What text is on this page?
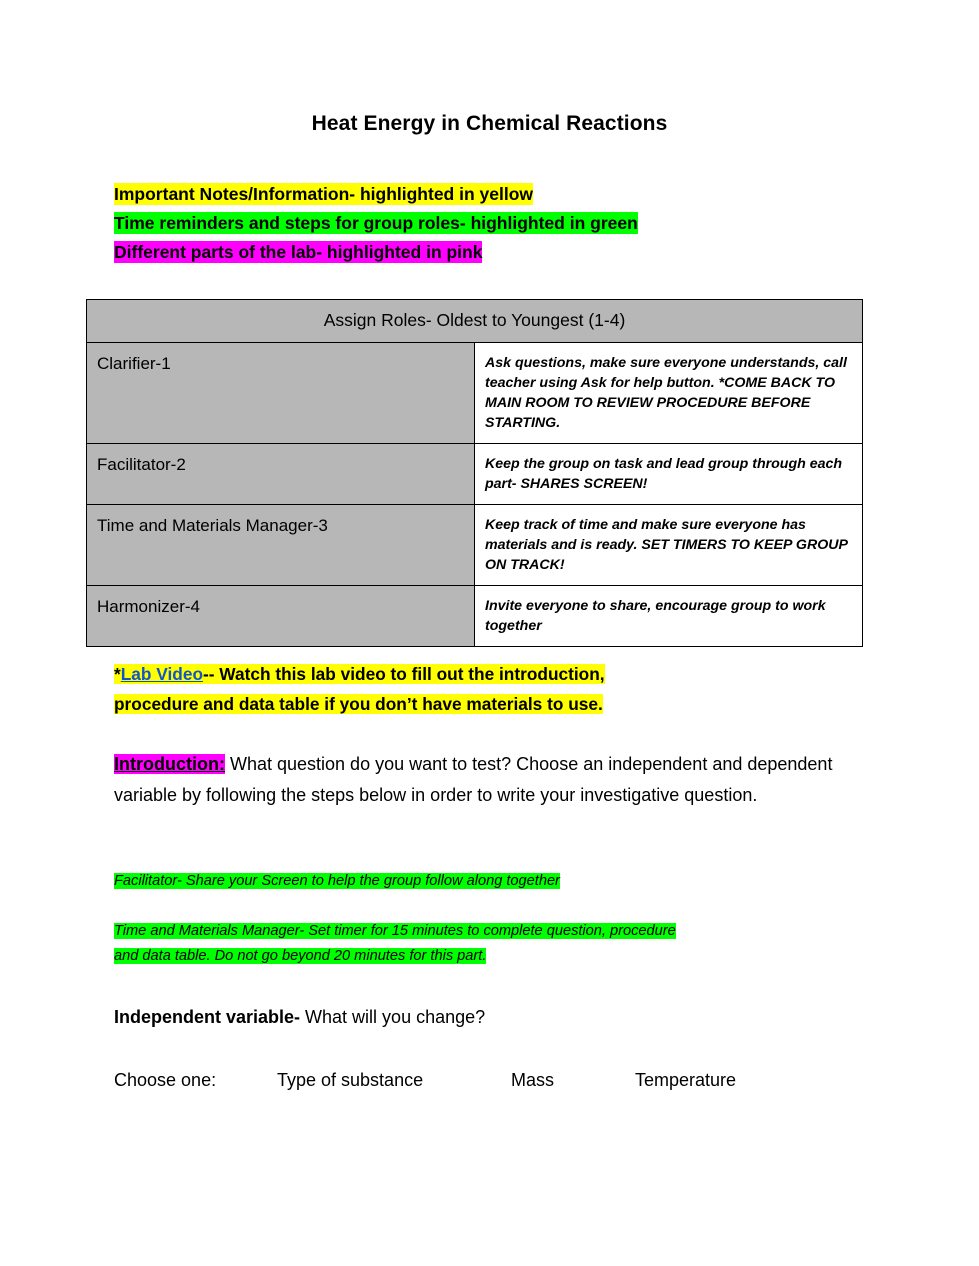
Heat Energy in Chemical Reactions
Important Notes/Information- highlighted in yellow
Time reminders and steps for group roles- highlighted in green
Different parts of the lab- highlighted in pink
Assign Roles- Oldest to Youngest (1-4)	
Clarifier-1	Ask questions, make sure everyone understands, call teacher using Ask for help button. *COME BACK TO MAIN ROOM TO REVIEW PROCEDURE BEFORE STARTING.
Facilitator-2	Keep the group on task and lead group through each part- SHARES SCREEN!
Time and Materials Manager-3	Keep track of time and make sure everyone has materials and is ready. SET TIMERS TO KEEP GROUP ON TRACK!
Harmonizer-4	Invite everyone to share, encourage group to work together
*Lab Video-- Watch this lab video to fill out the introduction,
procedure and data table if you don’t have materials to use.
Introduction: What question do you want to test? Choose an independent and dependent variable by following the steps below in order to write your investigative question.
Facilitator- Share your Screen to help the group follow along together
Time and Materials Manager- Set timer for 15 minutes to complete question, procedure
and data table. Do not go beyond 20 minutes for this part.
Independent variable- What will you change?
Choose one:	Type of substance	Mass	Temperature
